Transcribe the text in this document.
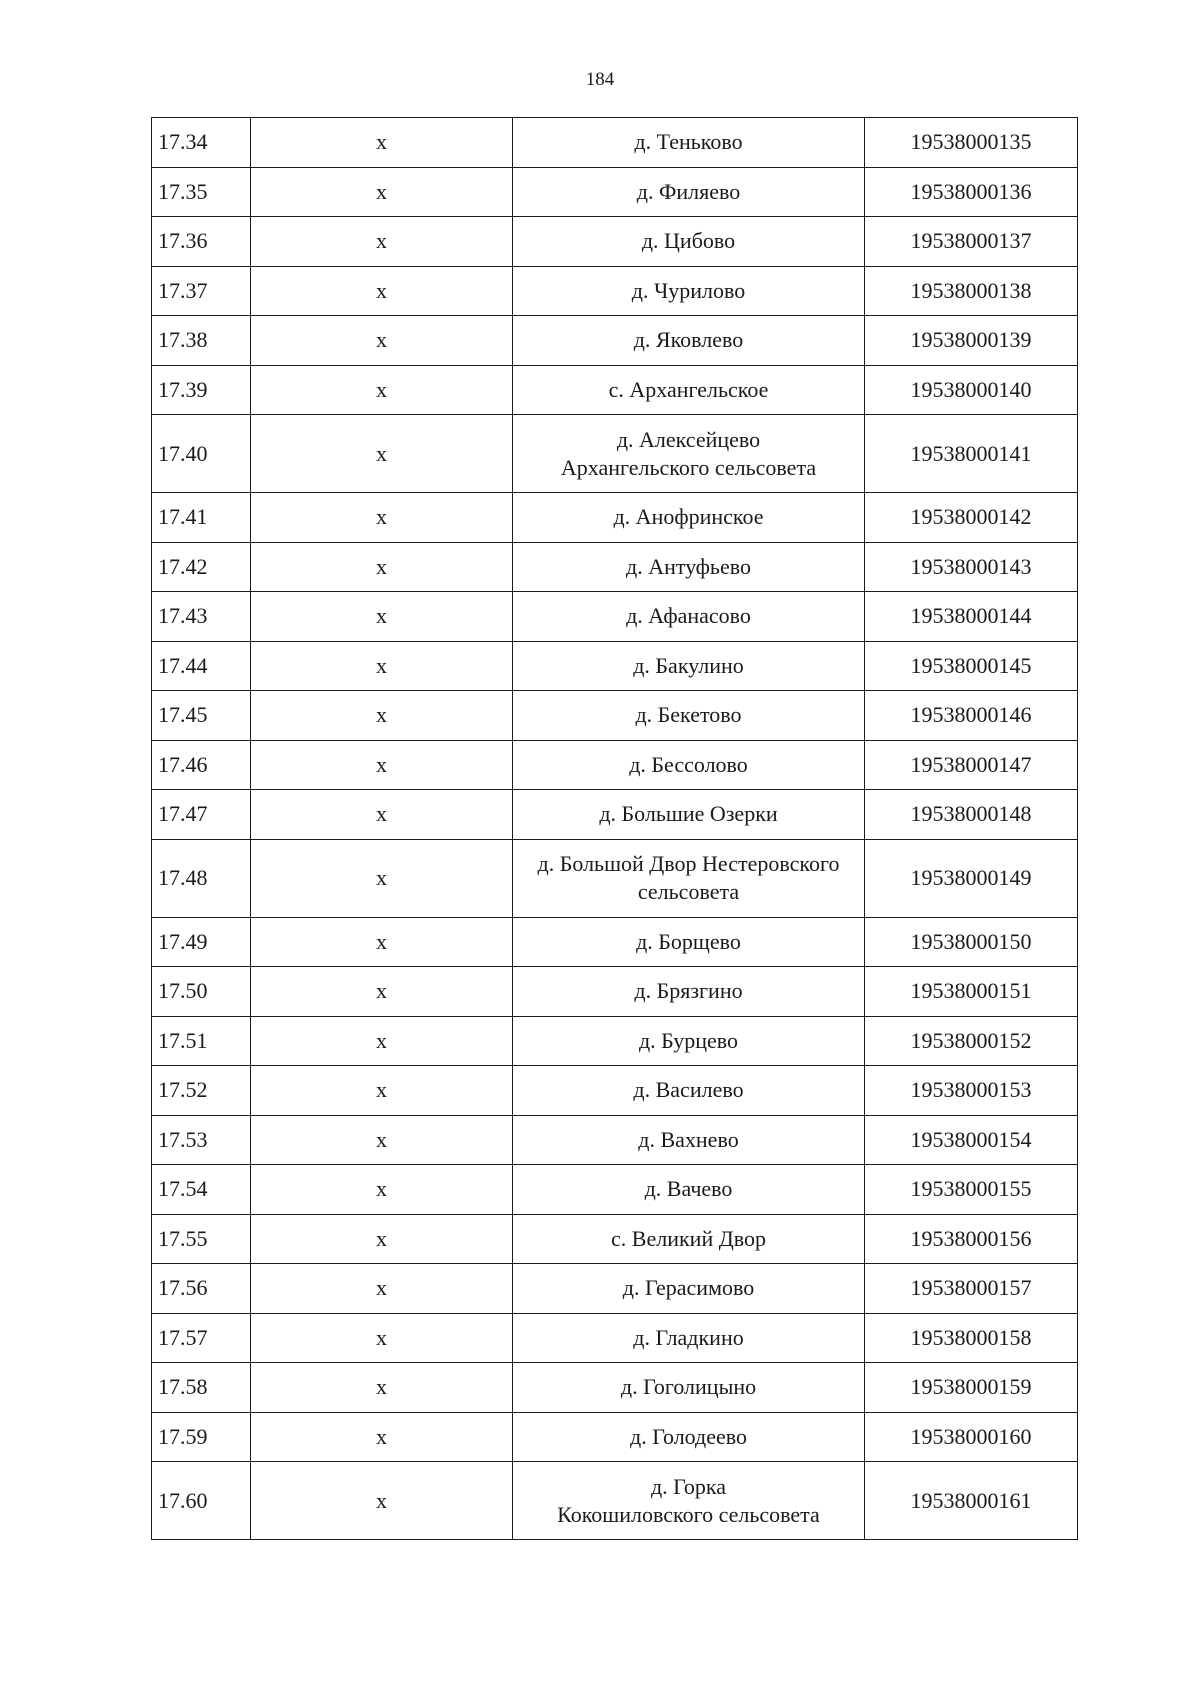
184
17.34	х	д. Теньково	19538000135
17.35	х	д. Филяево	19538000136
17.36	х	д. Цибово	19538000137
17.37	х	д. Чурилово	19538000138
17.38	х	д. Яковлево	19538000139
17.39	х	с. Архангельское	19538000140
17.40	х	д. Алексейцево
Архангельского сельсовета	19538000141
17.41	х	д. Анофринское	19538000142
17.42	х	д. Антуфьево	19538000143
17.43	х	д. Афанасово	19538000144
17.44	х	д. Бакулино	19538000145
17.45	х	д. Бекетово	19538000146
17.46	х	д. Бессолово	19538000147
17.47	х	д. Большие Озерки	19538000148
17.48	х	д. Большой Двор Нестеровского
сельсовета	19538000149
17.49	х	д. Борщево	19538000150
17.50	х	д. Брязгино	19538000151
17.51	х	д. Бурцево	19538000152
17.52	х	д. Василево	19538000153
17.53	х	д. Вахнево	19538000154
17.54	х	д. Вачево	19538000155
17.55	х	с. Великий Двор	19538000156
17.56	х	д. Герасимово	19538000157
17.57	х	д. Гладкино	19538000158
17.58	х	д. Гоголицыно	19538000159
17.59	х	д. Голодеево	19538000160
17.60	х	д. Горка
Кокошиловского сельсовета	19538000161
